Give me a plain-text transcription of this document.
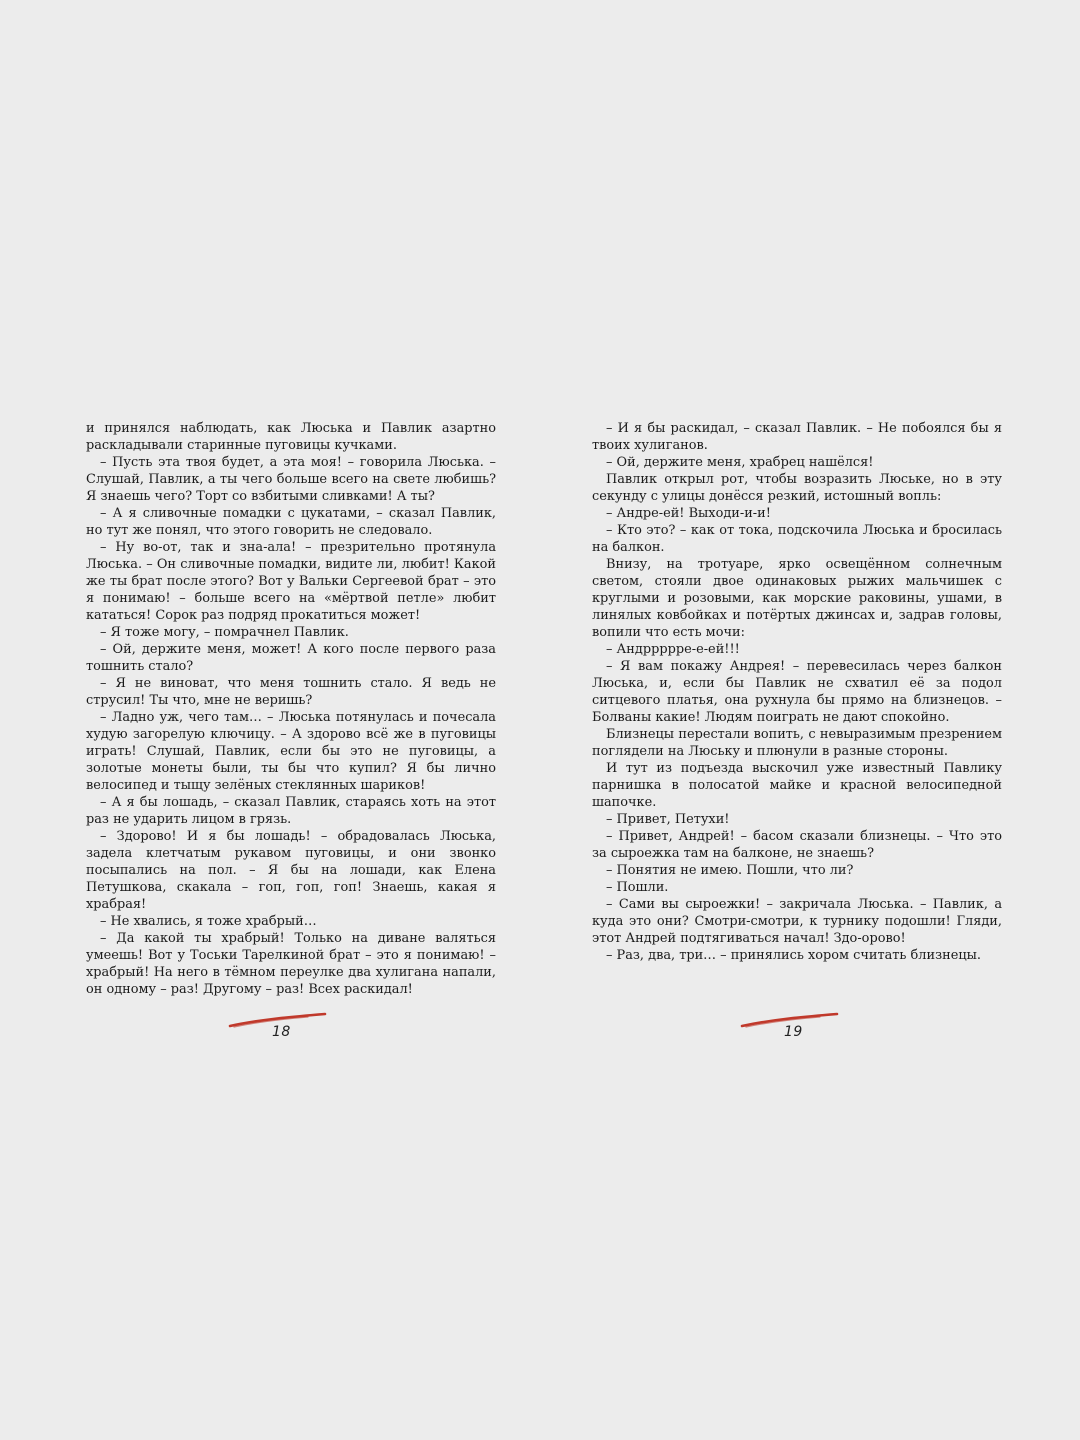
и принялся наблюдать, как Люська и Павлик азартно раскладывали старинные пуговицы кучками.

– Пусть эта твоя будет, а эта моя! – говорила Люська. – Слушай, Павлик, а ты чего больше всего на свете любишь? Я знаешь чего? Торт со взбитыми сливками! А ты?

– А я сливочные помадки с цукатами, – сказал Павлик, но тут же понял, что этого говорить не следовало.

– Ну во-от, так и зна-ала! – презрительно протянула Люська. – Он сливочные помадки, видите ли, любит! Какой же ты брат после этого? Вот у Вальки Сергеевой брат – это я понимаю! – больше всего на «мёртвой петле» любит кататься! Сорок раз подряд прокатиться может!

– Я тоже могу, – помрачнел Павлик.

– Ой, держите меня, может! А кого после первого раза тошнить стало?

– Я не виноват, что меня тошнить стало. Я ведь не струсил! Ты что, мне не веришь?

– Ладно уж, чего там… – Люська потянулась и почесала худую загорелую ключицу. – А здорово всё же в пуговицы играть! Слушай, Павлик, если бы это не пуговицы, а золотые монеты были, ты бы что купил? Я бы лично велосипед и тыщу зелёных стеклянных шариков!

– А я бы лошадь, – сказал Павлик, стараясь хоть на этот раз не ударить лицом в грязь.

– Здорово! И я бы лошадь! – обрадовалась Люська, задела клетчатым рукавом пуговицы, и они звонко посыпались на пол. – Я бы на лошади, как Елена Петушкова, скакала – гоп, гоп, гоп! Знаешь, какая я храбрая!

– Не хвались, я тоже храбрый…

– Да какой ты храбрый! Только на диване валяться умеешь! Вот у Тоськи Тарелкиной брат – это я понимаю! – храбрый! На него в тёмном переулке два хулигана напали, он одному – раз! Другому – раз! Всех раскидал!

– И я бы раскидал, – сказал Павлик. – Не побоялся бы я твоих хулиганов.

– Ой, держите меня, храбрец нашёлся!

Павлик открыл рот, чтобы возразить Люське, но в эту секунду с улицы донёсся резкий, истошный вопль:

– Андре-ей! Выходи-и-и!

– Кто это? – как от тока, подскочила Люська и бросилась на балкон.

Внизу, на тротуаре, ярко освещённом солнечным светом, стояли двое одинаковых рыжих мальчишек с круглыми и розовыми, как морские раковины, ушами, в линялых ковбойках и потёртых джинсах и, задрав головы, вопили что есть мочи:

– Андррррре-е-ей!!!

– Я вам покажу Андрея! – перевесилась через балкон Люська, и, если бы Павлик не схватил её за подол ситцевого платья, она рухнула бы прямо на близнецов. – Болваны какие! Людям поиграть не дают спокойно.

Близнецы перестали вопить, с невыразимым презрением поглядели на Люську и плюнули в разные стороны.

И тут из подъезда выскочил уже известный Павлику парнишка в полосатой майке и красной велосипедной шапочке.

– Привет, Петухи!

– Привет, Андрей! – басом сказали близнецы. – Что это за сыроежка там на балконе, не знаешь?

– Понятия не имею. Пошли, что ли?

– Пошли.

– Сами вы сыроежки! – закричала Люська. – Павлик, а куда это они? Смотри-смотри, к турнику подошли! Гляди, этот Андрей подтягиваться начал! Здо-орово!

– Раз, два, три… – принялись хором считать близнецы.

18	19
